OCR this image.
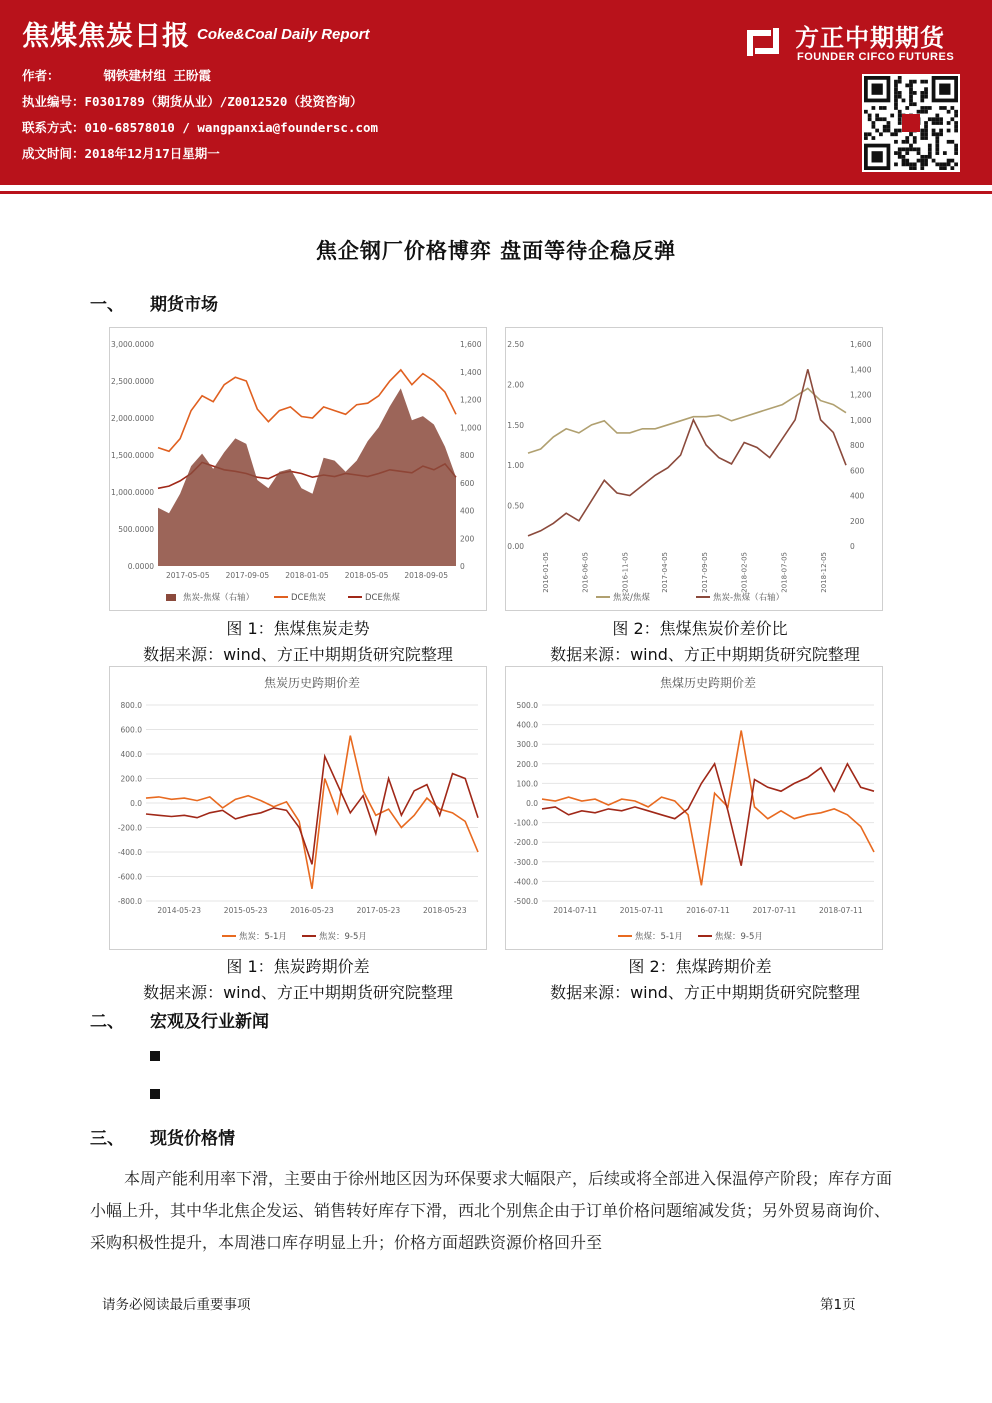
焦煤焦炭日报 Coke&Coal Daily Report
作者：	钢铁建材组 王盼霞
执业编号：F0301789（期货从业）/Z0012520（投资咨询）
联系方式：010-68578010 / wangpanxia@foundersc.com
成文时间：2018年12月17日星期一
方正中期期货
FOUNDER CIFCO FUTURES
焦企钢厂价格博弈 盘面等待企稳反弹
一、 期货市场
0.0000
500.0000
1,000.0000
1,500.0000
2,000.0000
2,500.0000
3,000.0000
0
200
400
600
800
1,000
1,200
1,400
1,600
2017-05-05 2017-09-05 2018-01-05 2018-05-05 2018-09-05
焦炭-焦煤（右轴）	DCE焦炭	DCE焦煤
图 1：焦煤焦炭走势
数据来源：wind、方正中期期货研究院整理
0.00
0.50
1.00
1.50
2.00
2.50
0
200
400
600
800
1,000
1,200
1,400
1,600
2016-01-05	2016-06-05	2016-11-05	2017-04-05	2017-09-05	2018-02-05	2018-07-05	2018-12-05
焦炭/焦煤	焦炭-焦煤（右轴）
图 2：焦煤焦炭价差价比
数据来源：wind、方正中期期货研究院整理
焦炭历史跨期价差
800.0
600.0
400.0
200.0
0.0
-200.0
-400.0
-600.0
-800.0
2014-05-23	2015-05-23	2016-05-23	2017-05-23	2018-05-23
焦炭：5-1月	焦炭：9-5月
图 1：焦炭跨期价差
数据来源：wind、方正中期期货研究院整理
焦煤历史跨期价差
500.0
400.0
300.0
200.0
100.0
0.0
-100.0
-200.0
-300.0
-400.0
-500.0
2014-07-11	2015-07-11	2016-07-11	2017-07-11	2018-07-11
焦煤：5-1月	焦煤：9-5月
图 2：焦煤跨期价差
数据来源：wind、方正中期期货研究院整理
二、 宏观及行业新闻
三、 现货价格情
本周产能利用率下滑，主要由于徐州地区因为环保要求大幅限产，后续或将全部进入保温停产阶段；库存方面小幅上升，其中华北焦企发运、销售转好库存下滑，西北个别焦企由于订单价格问题缩减发货；另外贸易商询价、采购积极性提升，本周港口库存明显上升；价格方面超跌资源价格回升至
请务必阅读最后重要事项	第1页
